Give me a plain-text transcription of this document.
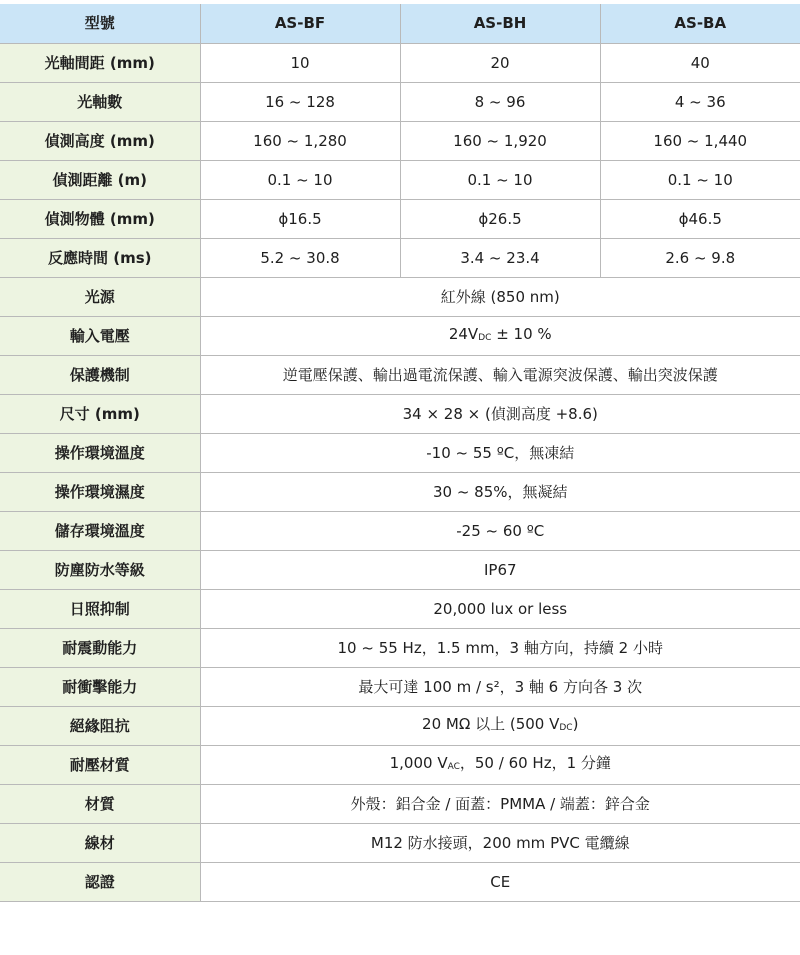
型號	AS-BF	AS-BH	AS-BA
光軸間距 (mm)	10	20	40
光軸數	16 ~ 128	8 ~ 96	4 ~ 36
偵測高度 (mm)	160 ~ 1,280	160 ~ 1,920	160 ~ 1,440
偵測距離 (m)	0.1 ~ 10	0.1 ~ 10	0.1 ~ 10
偵測物體 (mm)	ϕ16.5	ϕ26.5	ϕ46.5
反應時間 (ms)	5.2 ~ 30.8	3.4 ~ 23.4	2.6 ~ 9.8
光源	紅外線 (850 nm)		
輸入電壓	$24V_{DC} \pm 10$ %		
保護機制	逆電壓保護、輸出過電流保護、輸入電源突波保護、輸出突波保護		
尺寸 (mm)	34 × 28 × (偵測高度 +8.6)		
操作環境溫度	-10 ~ 55 ºC，無凍結		
操作環境濕度	30 ~ 85%，無凝結		
儲存環境溫度	-25 ~ 60 ºC		
防塵防水等級	IP67		
日照抑制	20,000 lux or less		
耐震動能力	10 ~ 55 Hz，1.5 mm，3 軸方向，持續 2 小時		
耐衝擊能力	最大可達 100 m / s²，3 軸 6 方向各 3 次		
絕緣阻抗	20 MΩ 以上 (500 $V_{DC}$)		
耐壓材質	1,000 $V_{AC}$，50 / 60 Hz，1 分鐘		
材質	外殼：鋁合金 / 面蓋：PMMA / 端蓋：鋅合金		
線材	M12 防水接頭，200 mm PVC 電纜線		
認證	CE		
